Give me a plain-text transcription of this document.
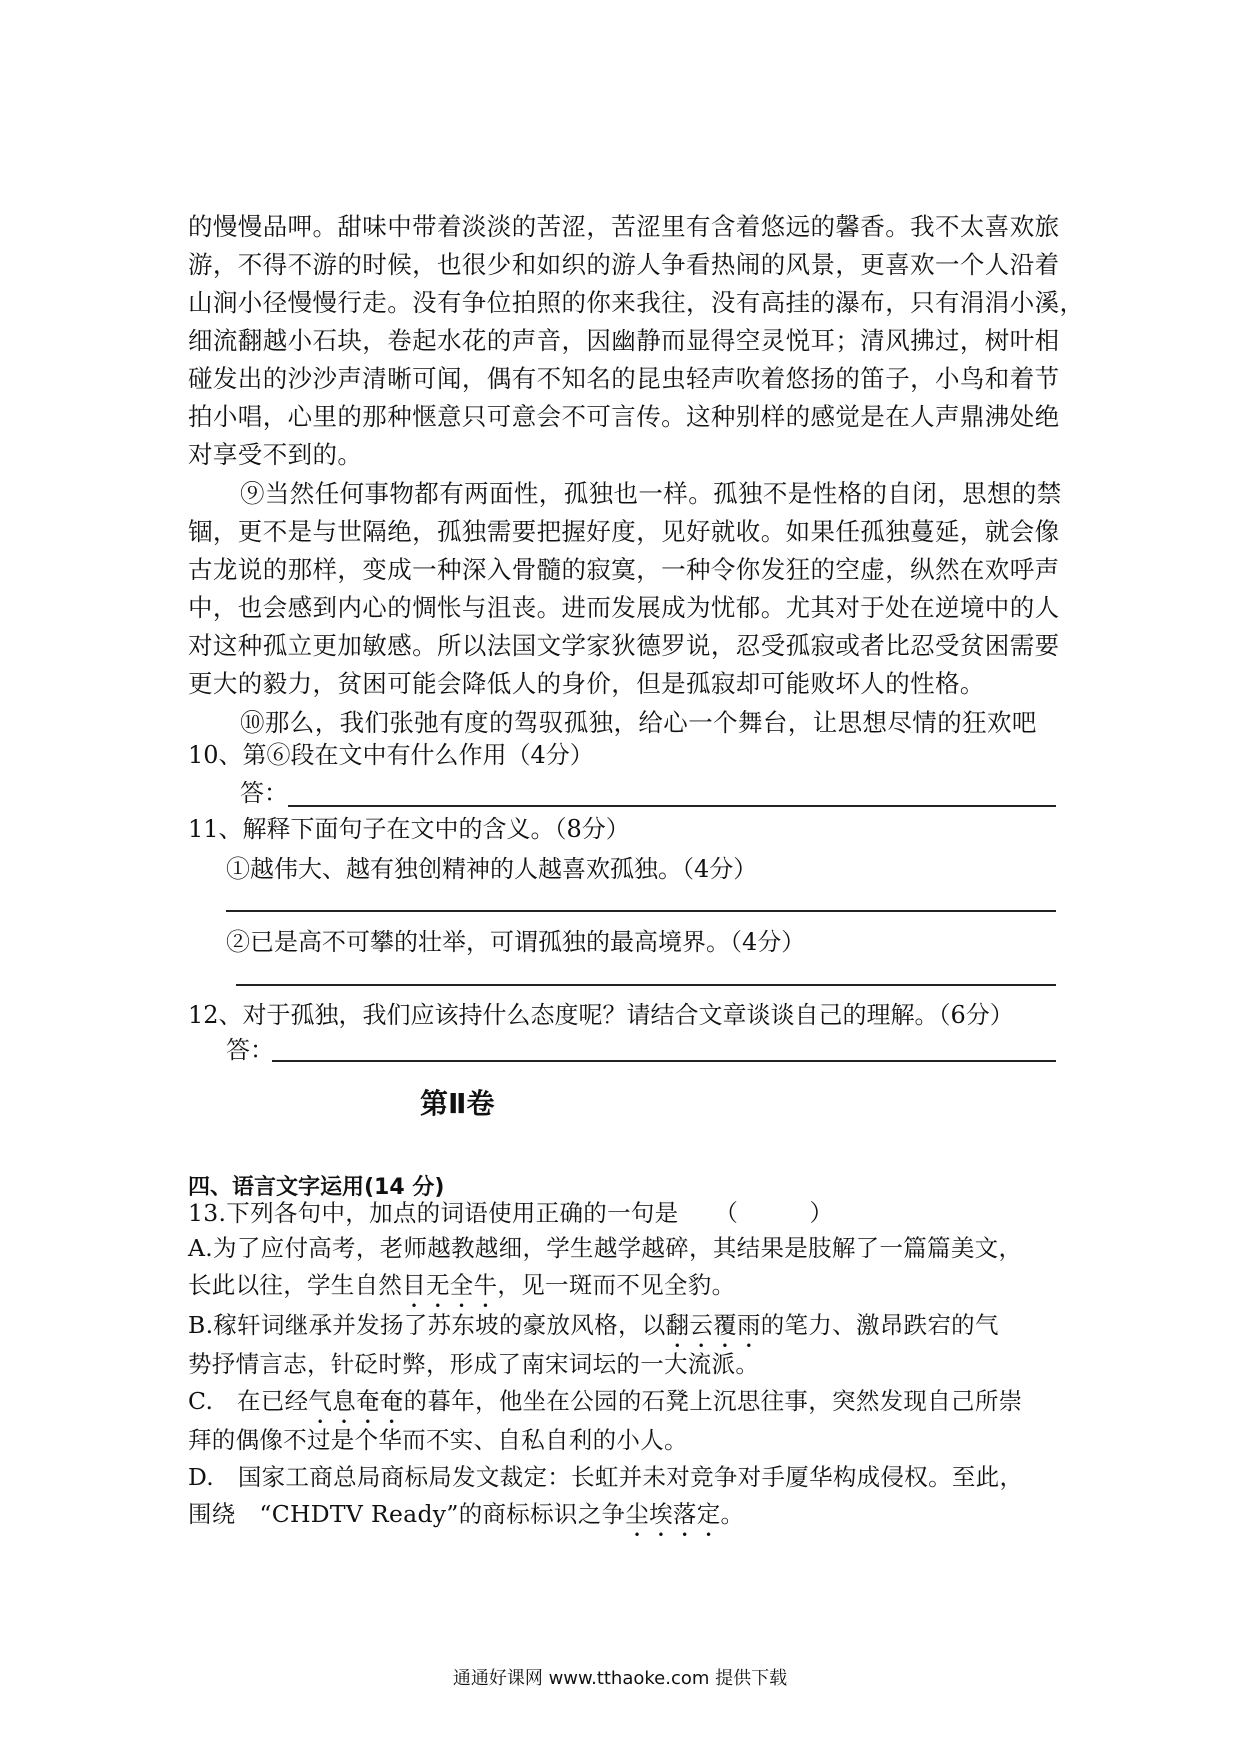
的慢慢品呷。甜味中带着淡淡的苦涩，苦涩里有含着悠远的馨香。我不太喜欢旅
游，不得不游的时候，也很少和如织的游人争看热闹的风景，更喜欢一个人沿着
山涧小径慢慢行走。没有争位拍照的你来我往，没有高挂的瀑布，只有涓涓小溪，
细流翻越小石块，卷起水花的声音，因幽静而显得空灵悦耳；清风拂过，树叶相
碰发出的沙沙声清晰可闻，偶有不知名的昆虫轻声吹着悠扬的笛子，小鸟和着节
拍小唱，心里的那种惬意只可意会不可言传。这种别样的感觉是在人声鼎沸处绝
对享受不到的。
⑨当然任何事物都有两面性，孤独也一样。孤独不是性格的自闭，思想的禁
锢，更不是与世隔绝，孤独需要把握好度，见好就收。如果任孤独蔓延，就会像
古龙说的那样，变成一种深入骨髓的寂寞，一种令你发狂的空虚，纵然在欢呼声
中，也会感到内心的惆怅与沮丧。进而发展成为忧郁。尤其对于处在逆境中的人
对这种孤立更加敏感。所以法国文学家狄德罗说，忍受孤寂或者比忍受贫困需要
更大的毅力，贫困可能会降低人的身价，但是孤寂却可能败坏人的性格。
⑩那么，我们张弛有度的驾驭孤独，给心一个舞台，让思想尽情的狂欢吧
10、第⑥段在文中有什么作用（4分）
答：
11、解释下面句子在文中的含义。（8分）
①越伟大、越有独创精神的人越喜欢孤独。（4分）
②已是高不可攀的壮举，可谓孤独的最高境界。（4分）
12、对于孤独，我们应该持什么态度呢？请结合文章谈谈自己的理解。（6分）
答：
第Ⅱ卷
四、语言文字运用(14 分)
13.下列各句中，加点的词语使用正确的一句是　　（　　　）
A.为了应付高考，老师越教越细，学生越学越碎，其结果是肢解了一篇篇美文，
长此以往，学生自然目无全牛，见一斑而不见全豹。
B.稼轩词继承并发扬了苏东坡的豪放风格，以翻云覆雨的笔力、激昂跌宕的气
势抒情言志，针砭时弊，形成了南宋词坛的一大流派。
C.　在已经气息奄奄的暮年，他坐在公园的石凳上沉思往事，突然发现自己所崇
拜的偶像不过是个华而不实、自私自利的小人。
D.　国家工商总局商标局发文裁定：长虹并未对竞争对手厦华构成侵权。至此，
围绕　“CHDTV Ready”的商标标识之争尘埃落定。
通通好课网 www.tthaoke.com 提供下载
